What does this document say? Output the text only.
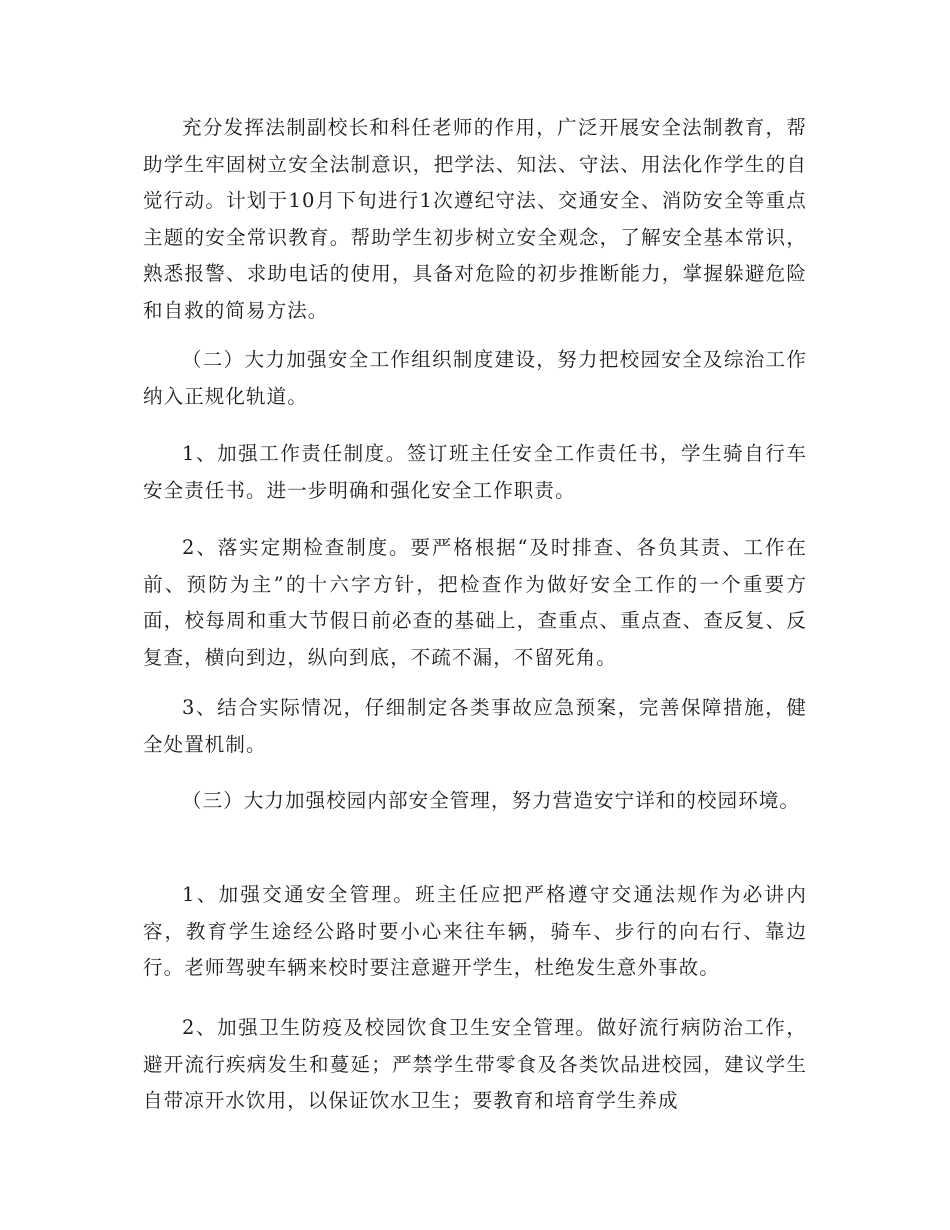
充分发挥法制副校长和科任老师的作用，广泛开展安全法制教育，帮助学生牢固树立安全法制意识，把学法、知法、守法、用法化作学生的自觉行动。计划于10月下旬进行1次遵纪守法、交通安全、消防安全等重点主题的安全常识教育。帮助学生初步树立安全观念，了解安全基本常识，熟悉报警、求助电话的使用，具备对危险的初步推断能力，掌握躲避危险和自救的简易方法。

（二）大力加强安全工作组织制度建设，努力把校园安全及综治工作纳入正规化轨道。

1、加强工作责任制度。签订班主任安全工作责任书，学生骑自行车安全责任书。进一步明确和强化安全工作职责。

2、落实定期检查制度。要严格根据“及时排查、各负其责、工作在前、预防为主”的十六字方针，把检查作为做好安全工作的一个重要方面，校每周和重大节假日前必查的基础上，查重点、重点查、查反复、反复查，横向到边，纵向到底，不疏不漏，不留死角。

3、结合实际情况，仔细制定各类事故应急预案，完善保障措施，健全处置机制。

（三）大力加强校园内部安全管理，努力营造安宁详和的校园环境。

1、加强交通安全管理。班主任应把严格遵守交通法规作为必讲内容，教育学生途经公路时要小心来往车辆，骑车、步行的向右行、靠边行。老师驾驶车辆来校时要注意避开学生，杜绝发生意外事故。

2、加强卫生防疫及校园饮食卫生安全管理。做好流行病防治工作，避开流行疾病发生和蔓延；严禁学生带零食及各类饮品进校园，建议学生自带凉开水饮用，以保证饮水卫生；要教育和培育学生养成
